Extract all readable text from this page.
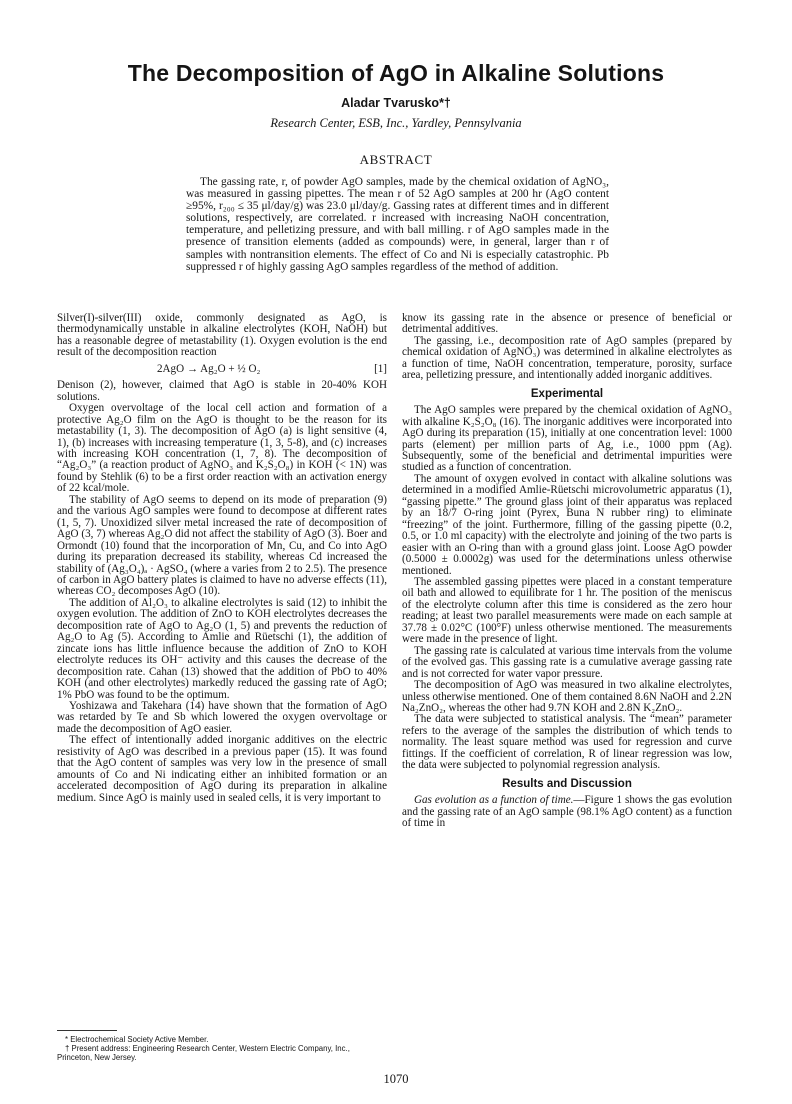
The Decomposition of AgO in Alkaline Solutions
Aladar Tvarusko*†
Research Center, ESB, Inc., Yardley, Pennsylvania
ABSTRACT

The gassing rate, r, of powder AgO samples, made by the chemical oxidation of AgNO₃, was measured in gassing pipettes. The mean r of 52 AgO samples at 200 hr (AgO content ≥95%, r₂₀₀ ≤ 35 μl/day/g) was 23.0 μl/day/g. Gassing rates at different times and in different solutions, respectively, are correlated. r increased with increasing NaOH concentration, temperature, and pelletizing pressure, and with ball milling. r of AgO samples made in the presence of transition elements (added as compounds) were, in general, larger than r of samples with nontransition elements. The effect of Co and Ni is especially catastrophic. Pb suppressed r of highly gassing AgO samples regardless of the method of addition.

Silver(I)-silver(III) oxide, commonly designated as AgO, is thermodynamically unstable in alkaline electrolytes (KOH, NaOH) but has a reasonable degree of metastability (1). Oxygen evolution is the end result of the decomposition reaction

2AgO → Ag₂O + ½ O₂	[1]

Denison (2), however, claimed that AgO is stable in 20-40% KOH solutions.

Oxygen overvoltage of the local cell action and formation of a protective Ag₂O film on the AgO is thought to be the reason for its metastability (1, 3). The decomposition of AgO (a) is light sensitive (4, 1), (b) increases with increasing temperature (1, 3, 5-8), and (c) increases with increasing KOH concentration (1, 7, 8). The decomposition of “Ag₂O₃” (a reaction product of AgNO₃ and K₂S₂O₈) in KOH (< 1N) was found by Stehlik (6) to be a first order reaction with an activation energy of 22 kcal/mole.

The stability of AgO seems to depend on its mode of preparation (9) and the various AgO samples were found to decompose at different rates (1, 5, 7). Unoxidized silver metal increased the rate of decomposition of AgO (3, 7) whereas Ag₂O did not affect the stability of AgO (3). Boer and Ormondt (10) found that the incorporation of Mn, Cu, and Co into AgO during its preparation decreased its stability, whereas Cd increased the stability of (Ag₃O₄)ₐ · AgSO₄ (where a varies from 2 to 2.5). The presence of carbon in AgO battery plates is claimed to have no adverse effects (11), whereas CO₂ decomposes AgO (10).

The addition of Al₂O₃ to alkaline electrolytes is said (12) to inhibit the oxygen evolution. The addition of ZnO to KOH electrolytes decreases the decomposition rate of AgO to Ag₂O (1, 5) and prevents the reduction of Ag₂O to Ag (5). According to Amlie and Rüetschi (1), the addition of zincate ions has little influence because the addition of ZnO to KOH electrolyte reduces its OH⁻ activity and this causes the decrease of the decomposition rate. Cahan (13) showed that the addition of PbO to 40% KOH (and other electrolytes) markedly reduced the gassing rate of AgO; 1% PbO was found to be the optimum.

Yoshizawa and Takehara (14) have shown that the formation of AgO was retarded by Te and Sb which lowered the oxygen overvoltage or made the decomposition of AgO easier.

The effect of intentionally added inorganic additives on the electric resistivity of AgO was described in a previous paper (15). It was found that the AgO content of samples was very low in the presence of small amounts of Co and Ni indicating either an inhibited formation or an accelerated decomposition of AgO during its preparation in alkaline medium. Since AgO is mainly used in sealed cells, it is very important to

know its gassing rate in the absence or presence of beneficial or detrimental additives.

The gassing, i.e., decomposition rate of AgO samples (prepared by chemical oxidation of AgNO₃) was determined in alkaline electrolytes as a function of time, NaOH concentration, temperature, porosity, surface area, pelletizing pressure, and intentionally added inorganic additives.

Experimental

The AgO samples were prepared by the chemical oxidation of AgNO₃ with alkaline K₂S₂O₈ (16). The inorganic additives were incorporated into AgO during its preparation (15), initially at one concentration level: 1000 parts (element) per million parts of Ag, i.e., 1000 ppm (Ag). Subsequently, some of the beneficial and detrimental impurities were studied as a function of concentration.

The amount of oxygen evolved in contact with alkaline solutions was determined in a modified Amlie-Rüetschi microvolumetric apparatus (1), “gassing pipette.” The ground glass joint of their apparatus was replaced by an 18/7 O-ring joint (Pyrex, Buna N rubber ring) to eliminate “freezing” of the joint. Furthermore, filling of the gassing pipette (0.2, 0.5, or 1.0 ml capacity) with the electrolyte and joining of the two parts is easier with an O-ring than with a ground glass joint. Loose AgO powder (0.5000 ± 0.0002g) was used for the determinations unless otherwise mentioned.

The assembled gassing pipettes were placed in a constant temperature oil bath and allowed to equilibrate for 1 hr. The position of the meniscus of the electrolyte column after this time is considered as the zero hour reading; at least two parallel measurements were made on each sample at 37.78 ± 0.02°C (100°F) unless otherwise mentioned. The measurements were made in the presence of light.

The gassing rate is calculated at various time intervals from the volume of the evolved gas. This gassing rate is a cumulative average gassing rate and is not corrected for water vapor pressure.

The decomposition of AgO was measured in two alkaline electrolytes, unless otherwise mentioned. One of them contained 8.6N NaOH and 2.2N Na₂ZnO₂, whereas the other had 9.7N KOH and 2.8N K₂ZnO₂.

The data were subjected to statistical analysis. The “mean” parameter refers to the average of the samples the distribution of which tends to normality. The least square method was used for regression and curve fittings. If the coefficient of correlation, R of linear regression was low, the data were subjected to polynomial regression analysis.

Results and Discussion

Gas evolution as a function of time.—Figure 1 shows the gas evolution and the gassing rate of an AgO sample (98.1% AgO content) as a function of time in

* Electrochemical Society Active Member.
† Present address: Engineering Research Center, Western Electric Company, Inc., Princeton, New Jersey.
1070
